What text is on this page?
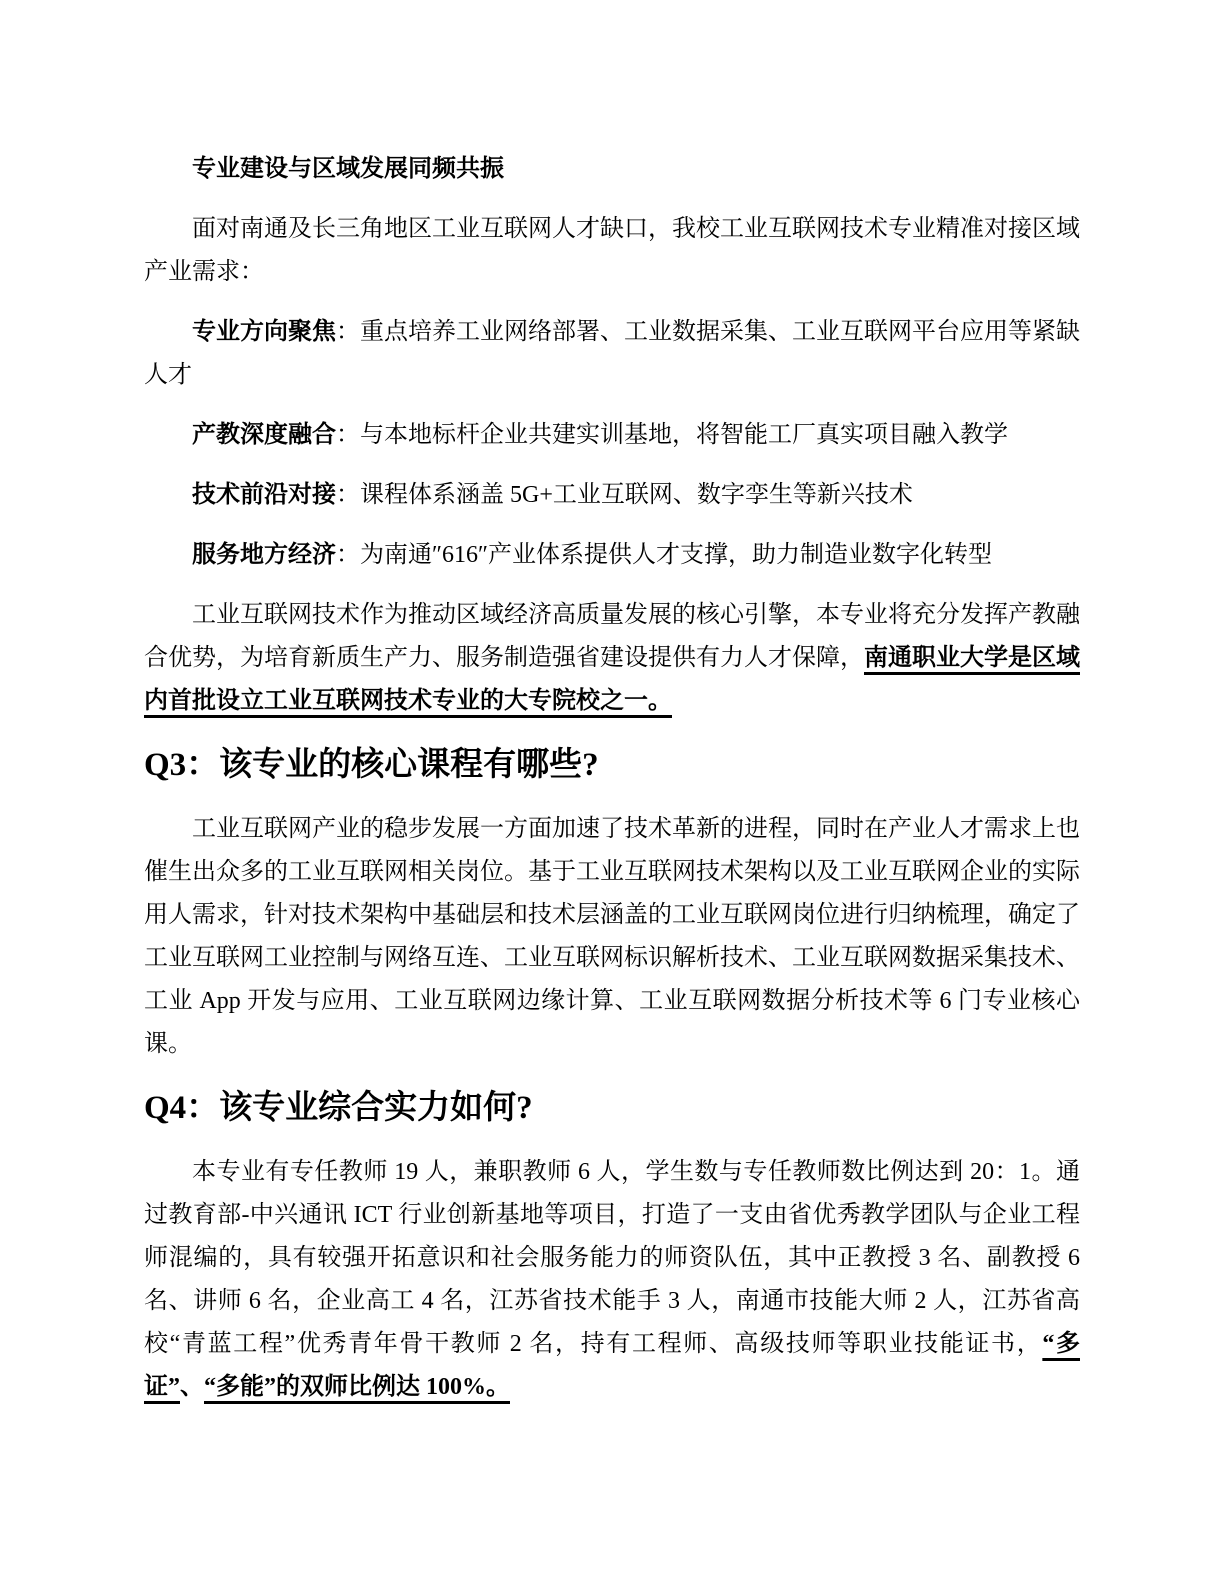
专业建设与区域发展同频共振

面对南通及长三角地区工业互联网人才缺口，我校工业互联网技术专业精准对接区域产业需求：

专业方向聚焦：重点培养工业网络部署、工业数据采集、工业互联网平台应用等紧缺人才

产教深度融合：与本地标杆企业共建实训基地，将智能工厂真实项目融入教学

技术前沿对接：课程体系涵盖 5G+工业互联网、数字孪生等新兴技术

服务地方经济：为南通″616″产业体系提供人才支撑，助力制造业数字化转型

工业互联网技术作为推动区域经济高质量发展的核心引擎，本专业将充分发挥产教融合优势，为培育新质生产力、服务制造强省建设提供有力人才保障，南通职业大学是区域内首批设立工业互联网技术专业的大专院校之一。

Q3：该专业的核心课程有哪些?

工业互联网产业的稳步发展一方面加速了技术革新的进程，同时在产业人才需求上也催生出众多的工业互联网相关岗位。基于工业互联网技术架构以及工业互联网企业的实际用人需求，针对技术架构中基础层和技术层涵盖的工业互联网岗位进行归纳梳理，确定了工业互联网工业控制与网络互连、工业互联网标识解析技术、工业互联网数据采集技术、工业 App 开发与应用、工业互联网边缘计算、工业互联网数据分析技术等 6 门专业核心课。

Q4：该专业综合实力如何?

本专业有专任教师 19 人，兼职教师 6 人，学生数与专任教师数比例达到 20：1。通过教育部-中兴通讯 ICT 行业创新基地等项目，打造了一支由省优秀教学团队与企业工程师混编的，具有较强开拓意识和社会服务能力的师资队伍，其中正教授 3 名、副教授 6 名、讲师 6 名，企业高工 4 名，江苏省技术能手 3 人，南通市技能大师 2 人，江苏省高校“青蓝工程”优秀青年骨干教师 2 名，持有工程师、高级技师等职业技能证书，“多证”、“多能”的双师比例达 100%。
